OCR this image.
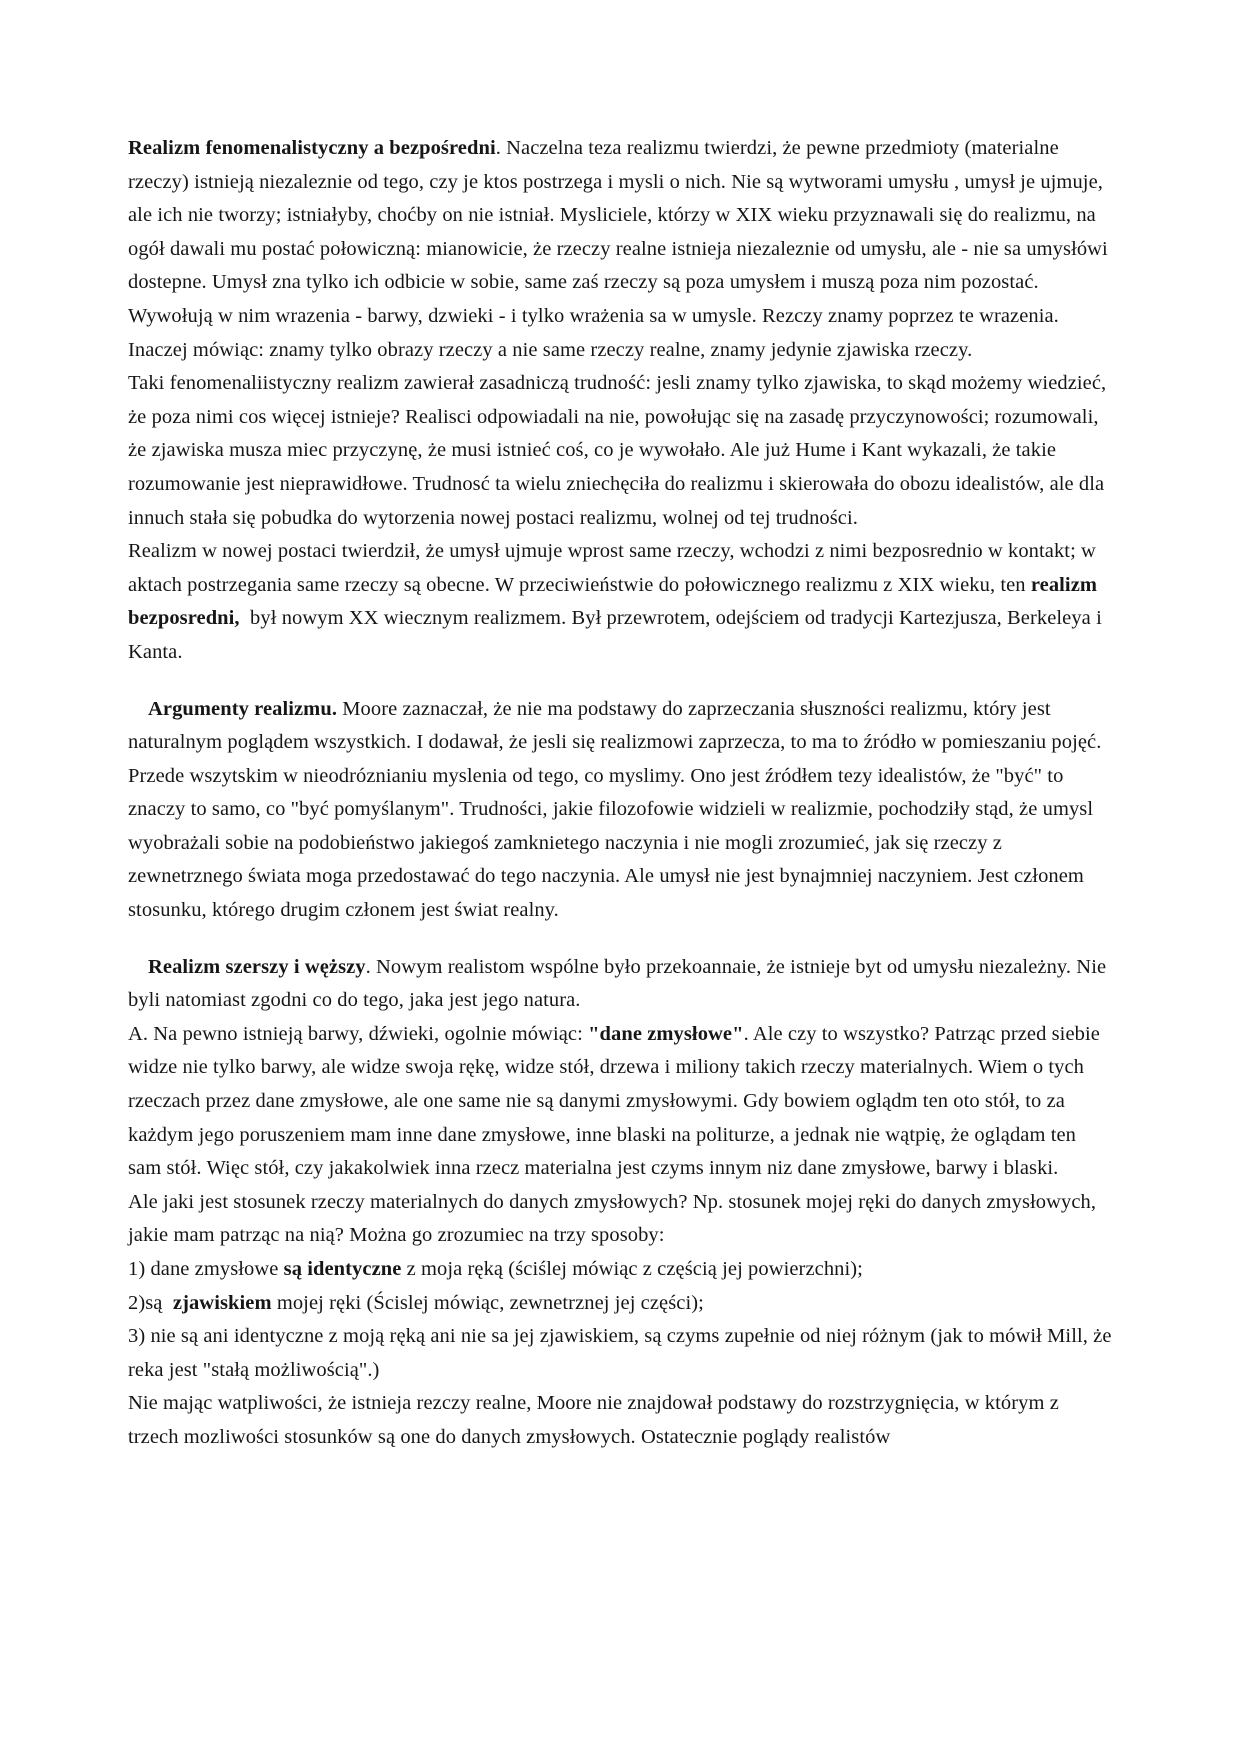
Realizm fenomenalistyczny a bezpośredni. Naczelna teza realizmu twierdzi, że pewne przedmioty (materialne rzeczy) istnieją niezaleznie od tego, czy je ktos postrzega i mysli o nich. Nie są wytworami umysłu , umysł je ujmuje, ale ich nie tworzy; istniałyby, choćby on nie istniał. Mysliciele, którzy w XIX wieku przyznawali się do realizmu, na ogół dawali mu postać połowiczną: mianowicie, że rzeczy realne istnieja niezaleznie od umysłu, ale - nie sa umysłówi dostepne. Umysł zna tylko ich odbicie w sobie, same zaś rzeczy są poza umysłem i muszą poza nim pozostać. Wywołują w nim wrazenia - barwy, dzwieki - i tylko wrażenia sa w umysle. Rezczy znamy poprzez te wrazenia. Inaczej mówiąc: znamy tylko obrazy rzeczy a nie same rzeczy realne, znamy jedynie zjawiska rzeczy.

Taki fenomenaliistyczny realizm zawierał zasadniczą trudność: jesli znamy tylko zjawiska, to skąd możemy wiedzieć, że poza nimi cos więcej istnieje? Realisci odpowiadali na nie, powołując się na zasadę przyczynowości; rozumowali, że zjawiska musza miec przyczynę, że musi istnieć coś, co je wywołało. Ale już Hume i Kant wykazali, że takie rozumowanie jest nieprawidłowe. Trudnosć ta wielu zniechęciła do realizmu i skierowała do obozu idealistów, ale dla innuch stała się pobudka do wytorzenia nowej postaci realizmu, wolnej od tej trudności.

Realizm w nowej postaci twierdził, że umysł ujmuje wprost same rzeczy, wchodzi z nimi bezposrednio w kontakt; w aktach postrzegania same rzeczy są obecne. W przeciwieństwie do połowicznego realizmu z XIX wieku, ten realizm bezposredni,  był nowym XX wiecznym realizmem. Był przewrotem, odejściem od tradycji Kartezjusza, Berkeleya i Kanta.

Argumenty realizmu. Moore zaznaczał, że nie ma podstawy do zaprzeczania słuszności realizmu, który jest naturalnym poglądem wszystkich. I dodawał, że jesli się realizmowi zaprzecza, to ma to źródło w pomieszaniu pojęć. Przede wszytskim w nieodróznianiu myslenia od tego, co myslimy. Ono jest źródłem tezy idealistów, że "być" to znaczy to samo, co "być pomyślanym". Trudności, jakie filozofowie widzieli w realizmie, pochodziły stąd, że umysl wyobrażali sobie na podobieństwo jakiegoś zamknietego naczynia i nie mogli zrozumieć, jak się rzeczy z zewnetrznego świata moga przedostawać do tego naczynia. Ale umysł nie jest bynajmniej naczyniem. Jest członem stosunku, którego drugim członem jest świat realny.

Realizm szerszy i węższy. Nowym realistom wspólne było przekoannaie, że istnieje byt od umysłu niezależny. Nie byli natomiast zgodni co do tego, jaka jest jego natura.

A. Na pewno istnieją barwy, dźwieki, ogolnie mówiąc: "dane zmysłowe". Ale czy to wszystko? Patrząc przed siebie widze nie tylko barwy, ale widze swoja rękę, widze stół, drzewa i miliony takich rzeczy materialnych. Wiem o tych rzeczach przez dane zmysłowe, ale one same nie są danymi zmysłowymi. Gdy bowiem oglądm ten oto stół, to za każdym jego poruszeniem mam inne dane zmysłowe, inne blaski na politurze, a jednak nie wątpię, że oglądam ten sam stół. Więc stół, czy jakakolwiek inna rzecz materialna jest czyms innym niz dane zmysłowe, barwy i blaski.

Ale jaki jest stosunek rzeczy materialnych do danych zmysłowych? Np. stosunek mojej ręki do danych zmysłowych, jakie mam patrząc na nią? Można go zrozumiec na trzy sposoby:

1) dane zmysłowe są identyczne z moja ręką (ściślej mówiąc z częścią jej powierzchni);

2)są  zjawiskiem mojej ręki (Ścislej mówiąc, zewnetrznej jej części);

3) nie są ani identyczne z moją ręką ani nie sa jej zjawiskiem, są czyms zupełnie od niej różnym (jak to mówił Mill, że reka jest "stałą możliwością".)

Nie mając watpliwości, że istnieja rezczy realne, Moore nie znajdował podstawy do rozstrzygnięcia, w którym z trzech mozliwości stosunków są one do danych zmysłowych. Ostatecznie poglądy realistów
